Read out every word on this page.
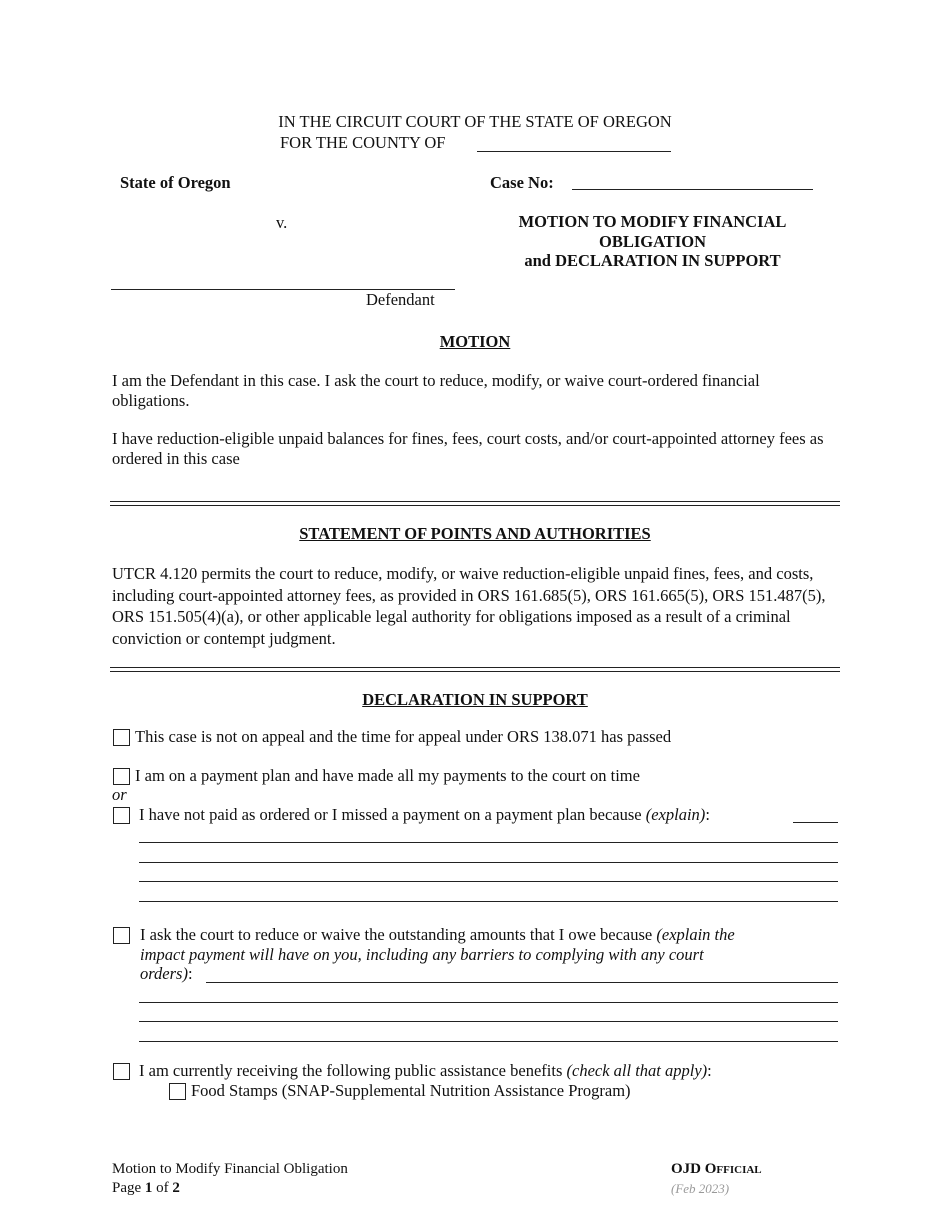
IN THE CIRCUIT COURT OF THE STATE OF OREGON
FOR THE COUNTY OF
State of Oregon	Case No:
v.	MOTION TO MODIFY FINANCIAL
OBLIGATION
and DECLARATION IN SUPPORT
Defendant
MOTION
I am the Defendant in this case. I ask the court to reduce, modify, or waive court-ordered financial obligations.
I have reduction-eligible unpaid balances for fines, fees, court costs, and/or court-appointed attorney fees as ordered in this case
STATEMENT OF POINTS AND AUTHORITIES
UTCR 4.120 permits the court to reduce, modify, or waive reduction-eligible unpaid fines, fees, and costs, including court-appointed attorney fees, as provided in ORS 161.685(5), ORS 161.665(5), ORS 151.487(5), ORS 151.505(4)(a), or other applicable legal authority for obligations imposed as a result of a criminal conviction or contempt judgment.
DECLARATION IN SUPPORT
This case is not on appeal and the time for appeal under ORS 138.071 has passed
I am on a payment plan and have made all my payments to the court on time
or
I have not paid as ordered or I missed a payment on a payment plan because (explain):
I ask the court to reduce or waive the outstanding amounts that I owe because (explain the
impact payment will have on you, including any barriers to complying with any court
orders):
I am currently receiving the following public assistance benefits (check all that apply):
Food Stamps (SNAP-Supplemental Nutrition Assistance Program)
Motion to Modify Financial Obligation
Page 1 of 2
OJD Official
(Feb 2023)
